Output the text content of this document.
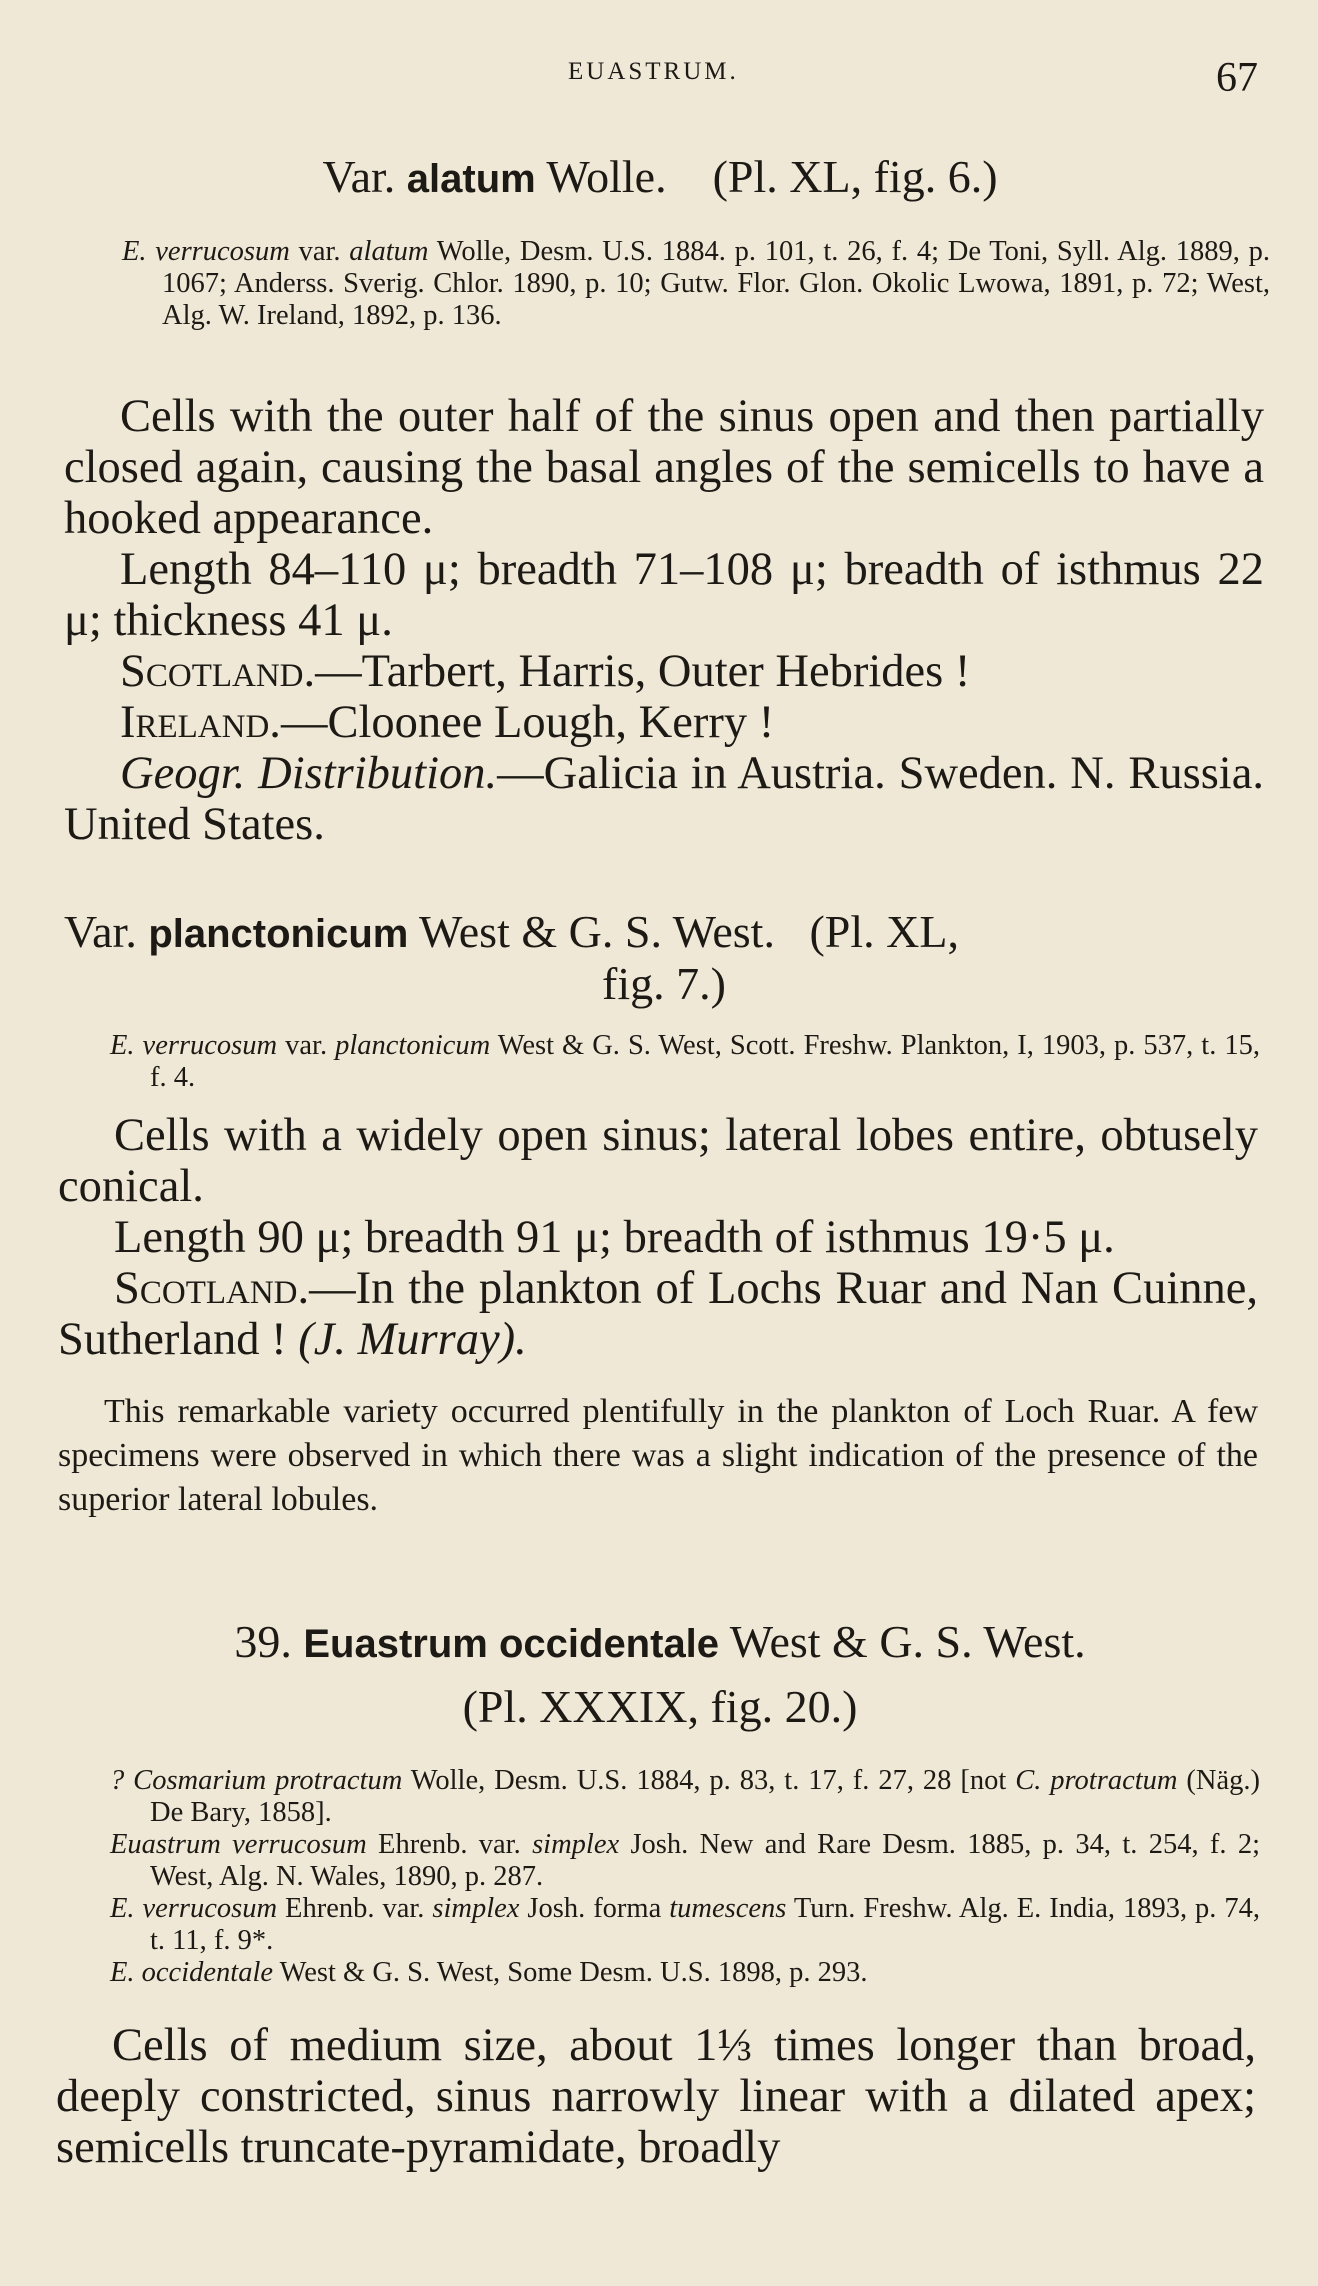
EUASTRUM.	67
Var. alatum Wolle.    (Pl. XL, fig. 6.)

E. verrucosum var. alatum Wolle, Desm. U.S. 1884. p. 101, t. 26, f. 4; De Toni, Syll. Alg. 1889, p. 1067; Anderss. Sverig. Chlor. 1890, p. 10; Gutw. Flor. Glon. Okolic Lwowa, 1891, p. 72; West, Alg. W. Ireland, 1892, p. 136.

Cells with the outer half of the sinus open and then partially closed again, causing the basal angles of the semicells to have a hooked appearance.

Length 84–110 μ; breadth 71–108 μ; breadth of isthmus 22 μ; thickness 41 μ.

Scotland.—Tarbert, Harris, Outer Hebrides !

Ireland.—Cloonee Lough, Kerry !

Geogr. Distribution.—Galicia in Austria. Sweden. N. Russia. United States.

Var. planctonicum West & G. S. West.   (Pl. XL,
fig. 7.)

E. verrucosum var. planctonicum West & G. S. West, Scott. Freshw. Plankton, I, 1903, p. 537, t. 15, f. 4.

Cells with a widely open sinus; lateral lobes entire, obtusely conical.

Length 90 μ; breadth 91 μ; breadth of isthmus 19·5 μ.

Scotland.—In the plankton of Lochs Ruar and Nan Cuinne, Sutherland ! (J. Murray).

This remarkable variety occurred plentifully in the plankton of Loch Ruar. A few specimens were observed in which there was a slight indication of the presence of the superior lateral lobules.

39. Euastrum occidentale West & G. S. West.
(Pl. XXXIX, fig. 20.)

? Cosmarium protractum Wolle, Desm. U.S. 1884, p. 83, t. 17, f. 27, 28 [not C. protractum (Näg.) De Bary, 1858].

Euastrum verrucosum Ehrenb. var. simplex Josh. New and Rare Desm. 1885, p. 34, t. 254, f. 2; West, Alg. N. Wales, 1890, p. 287.

E. verrucosum Ehrenb. var. simplex Josh. forma tumescens Turn. Freshw. Alg. E. India, 1893, p. 74, t. 11, f. 9*.

E. occidentale West & G. S. West, Some Desm. U.S. 1898, p. 293.

Cells of medium size, about 1⅓ times longer than broad, deeply constricted, sinus narrowly linear with a dilated apex; semicells truncate-pyramidate, broadly
